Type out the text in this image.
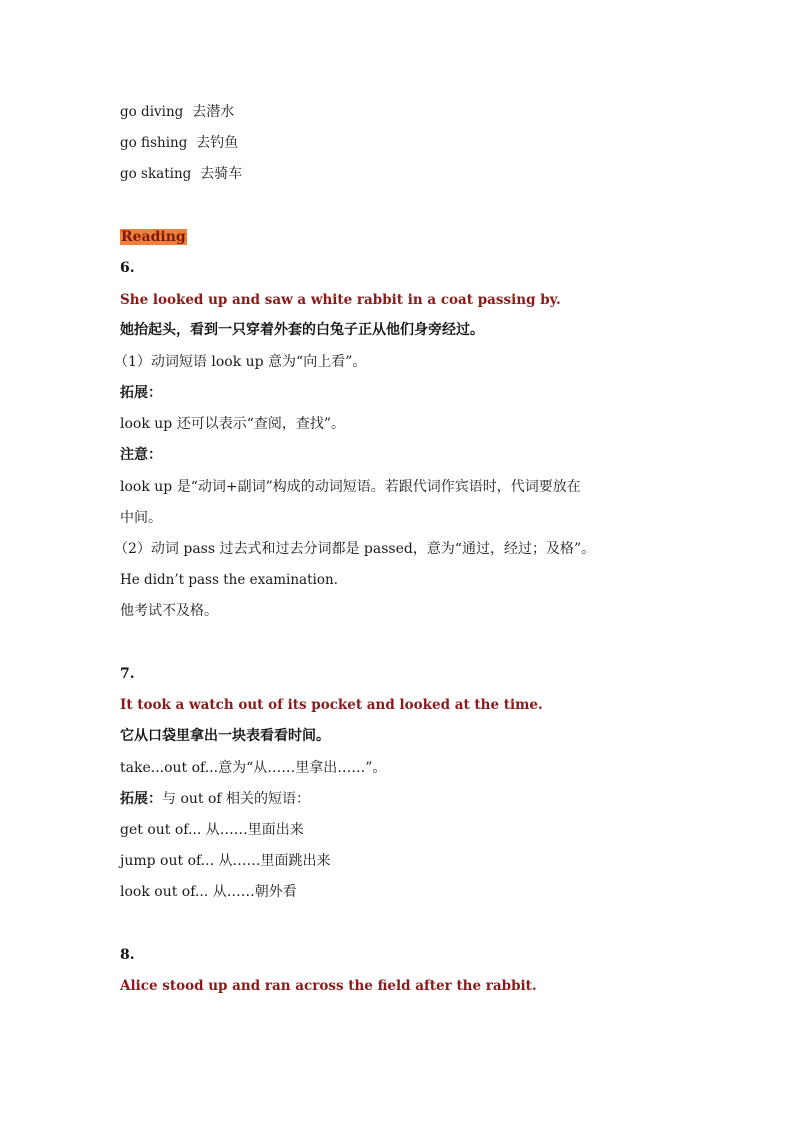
go diving 去潜水

go fishing 去钓鱼

go skating 去骑车

Reading

6.

She looked up and saw a white rabbit in a coat passing by.

她抬起头，看到一只穿着外套的白兔子正从他们身旁经过。

（1）动词短语 look up 意为“向上看”。

拓展：

look up 还可以表示“查阅，查找”。

注意：

look up 是“动词+副词”构成的动词短语。若跟代词作宾语时，代词要放在

中间。

（2）动词 pass 过去式和过去分词都是 passed，意为“通过，经过；及格”。

He didn’t pass the examination.

他考试不及格。

7.

It took a watch out of its pocket and looked at the time.

它从口袋里拿出一块表看看时间。

take...out of...意为“从……里拿出……”。

拓展：与 out of 相关的短语：

get out of... 从……里面出来

jump out of... 从……里面跳出来

look out of... 从……朝外看

8.

Alice stood up and ran across the field after the rabbit.
